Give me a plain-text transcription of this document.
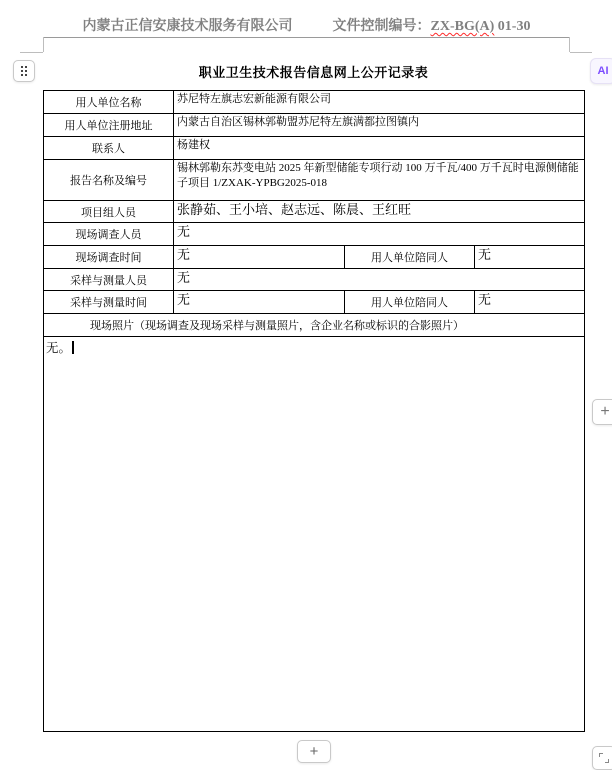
内蒙古正信安康技术服务有限公司	文件控制编号：ZX-BG(A) 01-30
AI
职业卫生技术报告信息网上公开记录表
用人单位名称	苏尼特左旗志宏新能源有限公司		
用人单位注册地址	内蒙古自治区锡林郭勒盟苏尼特左旗满都拉图镇内		
联系人	杨建权		
报告名称及编号	锡林郭勒东苏变电站 2025 年新型储能专项行动 100 万千瓦/400 万千瓦时电源侧储能子项目 1/ZXAK-YPBG2025-018		
项目组人员	张静茹、王小培、赵志远、陈晨、王红旺		
现场调查人员	无		
现场调查时间	无	用人单位陪同人	无
采样与测量人员	无		
采样与测量时间	无	用人单位陪同人	无
现场照片（现场调查及现场采样与测量照片，含企业名称或标识的合影照片）			
无。			
+
+
